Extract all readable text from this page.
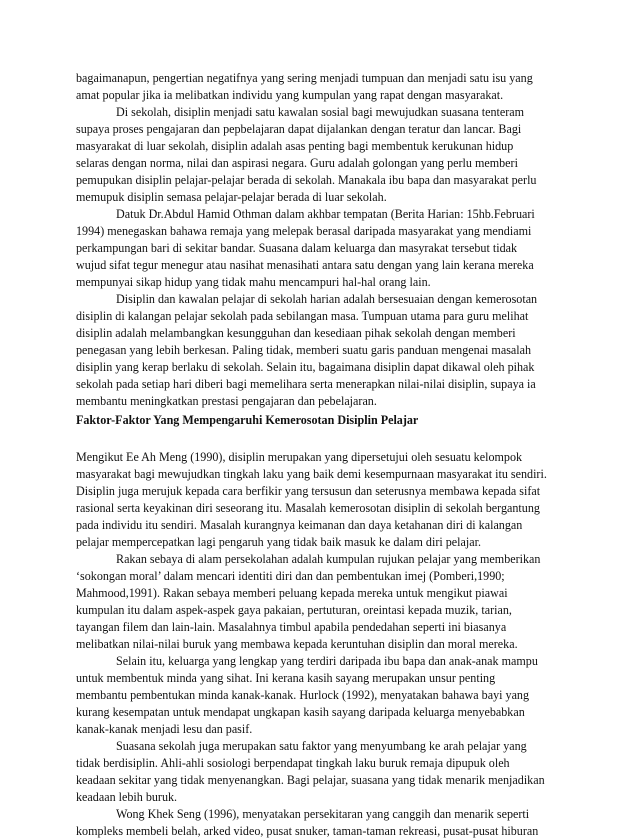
bagaimanapun, pengertian negatifnya yang sering menjadi tumpuan dan menjadi satu isu yang
amat popular jika ia melibatkan individu yang kumpulan yang rapat dengan masyarakat.
Di sekolah, disiplin menjadi satu kawalan sosial bagi mewujudkan suasana tenteram
supaya proses pengajaran dan pepbelajaran dapat dijalankan dengan teratur dan lancar. Bagi
masyarakat di luar sekolah, disiplin adalah asas penting bagi membentuk kerukunan hidup
selaras dengan norma, nilai dan aspirasi negara. Guru adalah golongan yang perlu memberi
pemupukan disiplin pelajar-pelajar berada di sekolah. Manakala ibu bapa dan masyarakat perlu
memupuk disiplin semasa pelajar-pelajar berada di luar sekolah.
Datuk Dr.Abdul Hamid Othman dalam akhbar tempatan (Berita Harian: 15hb.Februari
1994) menegaskan bahawa remaja yang melepak berasal daripada masyarakat yang mendiami
perkampungan bari di sekitar bandar. Suasana dalam keluarga dan masyrakat tersebut tidak
wujud sifat tegur menegur atau nasihat menasihati antara satu dengan yang lain kerana mereka
mempunyai sikap hidup yang tidak mahu mencampuri hal-hal orang lain.
Disiplin dan kawalan pelajar di sekolah harian adalah bersesuaian dengan kemerosotan
disiplin di kalangan pelajar sekolah pada sebilangan masa. Tumpuan utama para guru melihat
disiplin adalah melambangkan kesungguhan dan kesediaan pihak sekolah dengan memberi
penegasan yang lebih berkesan. Paling tidak, memberi suatu garis panduan mengenai masalah
disiplin yang kerap berlaku di sekolah. Selain itu, bagaimana disiplin dapat dikawal oleh pihak
sekolah pada setiap hari diberi bagi memelihara serta menerapkan nilai-nilai disiplin, supaya ia
membantu meningkatkan prestasi pengajaran dan pebelajaran.
Faktor-Faktor Yang Mempengaruhi Kemerosotan Disiplin Pelajar
Mengikut Ee Ah Meng (1990), disiplin merupakan yang dipersetujui oleh sesuatu kelompok
masyarakat bagi mewujudkan tingkah laku yang baik demi kesempurnaan masyarakat itu sendiri.
Disiplin juga merujuk kepada cara berfikir yang tersusun dan seterusnya membawa kepada sifat
rasional serta keyakinan diri seseorang itu. Masalah kemerosotan disiplin di sekolah bergantung
pada individu itu sendiri. Masalah kurangnya keimanan dan daya ketahanan diri di kalangan
pelajar mempercepatkan lagi pengaruh yang tidak baik masuk ke dalam diri pelajar.
Rakan sebaya di alam persekolahan adalah kumpulan rujukan pelajar yang memberikan
‘sokongan moral’ dalam mencari identiti diri dan dan pembentukan imej (Pomberi,1990;
Mahmood,1991). Rakan sebaya memberi peluang kepada mereka untuk mengikut piawai
kumpulan itu dalam aspek-aspek gaya pakaian, pertuturan, oreintasi kepada muzik, tarian,
tayangan filem dan lain-lain. Masalahnya timbul apabila pendedahan seperti ini biasanya
melibatkan nilai-nilai buruk yang membawa kepada keruntuhan disiplin dan moral mereka.
Selain itu, keluarga yang lengkap yang terdiri daripada ibu bapa dan anak-anak mampu
untuk membentuk minda yang sihat. Ini kerana kasih sayang merupakan unsur penting
membantu pembentukan minda kanak-kanak. Hurlock (1992), menyatakan bahawa bayi yang
kurang kesempatan untuk mendapat ungkapan kasih sayang daripada keluarga menyebabkan
kanak-kanak menjadi lesu dan pasif.
Suasana sekolah juga merupakan satu faktor yang menyumbang ke arah pelajar yang
tidak berdisiplin. Ahli-ahli sosiologi berpendapat tingkah laku buruk remaja dipupuk oleh
keadaan sekitar yang tidak menyenangkan. Bagi pelajar, suasana yang tidak menarik menjadikan
keadaan lebih buruk.
Wong Khek Seng (1996), menyatakan persekitaran yang canggih dan menarik seperti
kompleks membeli belah, arked video, pusat snuker, taman-taman rekreasi, pusat-pusat hiburan
